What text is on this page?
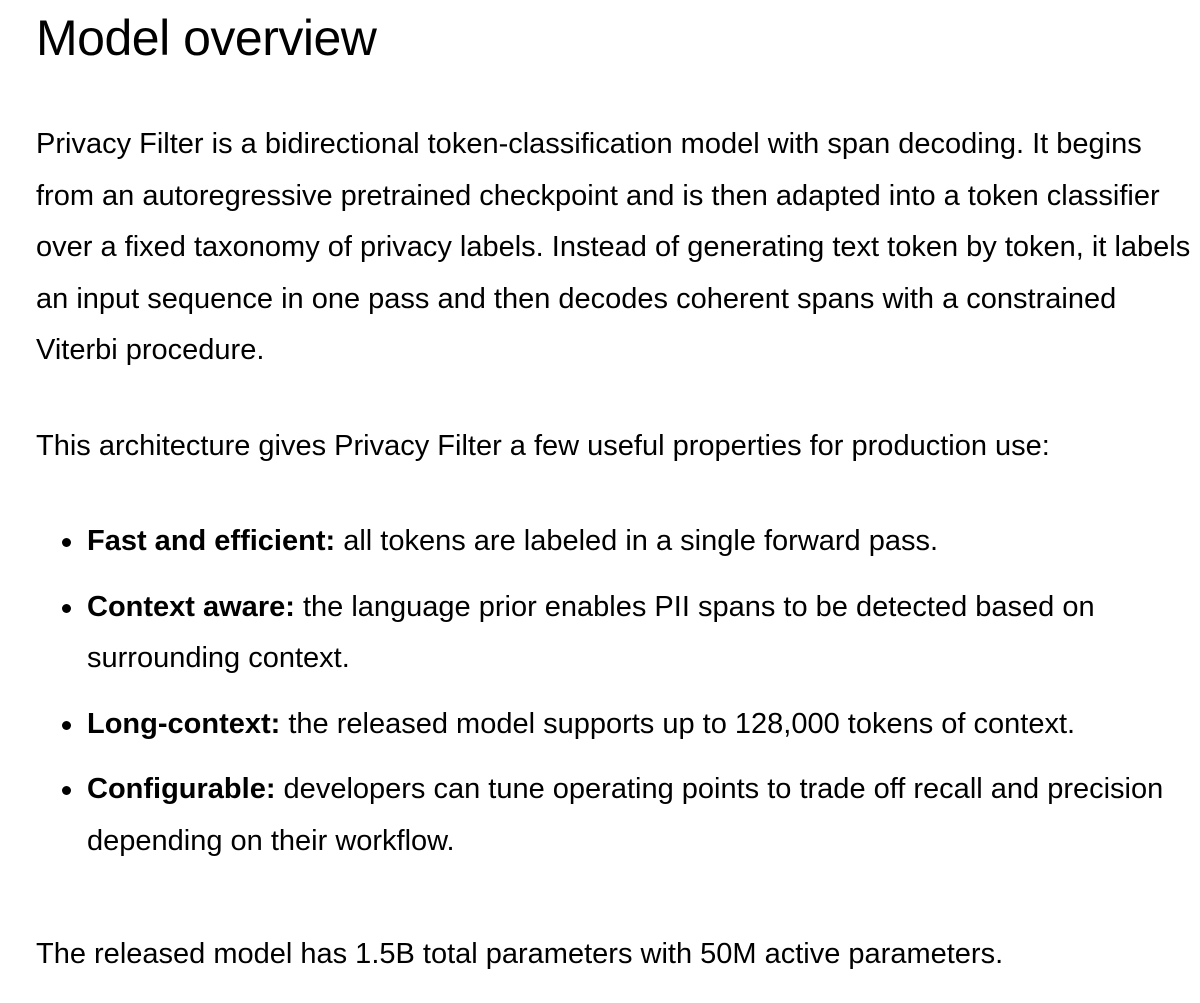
Model overview

Privacy Filter is a bidirectional token-classification model with span decoding. It begins from an autoregressive pretrained checkpoint and is then adapted into a token classifier over a fixed taxonomy of privacy labels. Instead of generating text token by token, it labels an input sequence in one pass and then decodes coherent spans with a constrained Viterbi procedure.

This architecture gives Privacy Filter a few useful properties for production use:

Fast and efficient: all tokens are labeled in a single forward pass.
Context aware: the language prior enables PII spans to be detected based on surrounding context.
Long-context: the released model supports up to 128,000 tokens of context.
Configurable: developers can tune operating points to trade off recall and precision depending on their workflow.

The released model has 1.5B total parameters with 50M active parameters.
